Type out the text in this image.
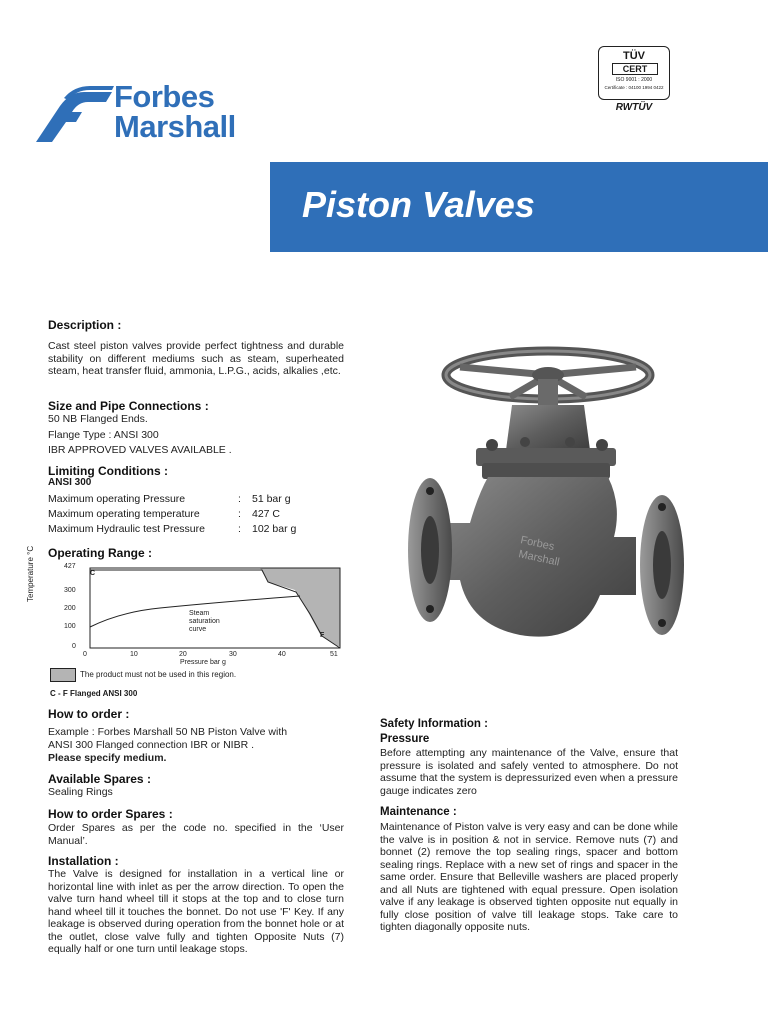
Forbes
Marshall
TÜV
CERT
ISO 9001 : 2000
Certificate : 04100 1994 0422
RWTÜV
Piston Valves
Description :
Cast steel piston valves provide perfect tightness and durable stability on different mediums such as steam, superheated steam, heat transfer fluid, ammonia, L.P.G., acids, alkalies ,etc.
Size and Pipe Connections :
50 NB Flanged Ends.
Flange Type : ANSI 300
IBR APPROVED VALVES AVAILABLE .
Limiting Conditions :
ANSI 300
Maximum operating Pressure	:	51 bar g
Maximum operating temperature	:	427 C
Maximum Hydraulic test Pressure	:	102 bar g
Operating Range :
Temperature °C	427
300
200
100
0
0	10	20	30	40	51
Pressure bar g
Steam saturation curve
C
F
The product must not be used in this region.
C - F Flanged ANSI 300
How to order :
Example : Forbes Marshall 50 NB Piston Valve with
ANSI 300 Flanged connection IBR or NIBR .
Please specify medium.
Available Spares :
Sealing Rings
How to order Spares :
Order Spares as per the code no. specified in the ‘User Manual’.
Installation :
The Valve is designed for installation in a vertical line or horizontal line with inlet as per the arrow direction. To open the valve turn hand wheel till it stops at the top and to close turn hand wheel till it touches the bonnet. Do not use 'F' Key. If any leakage is observed during operation from the bonnet hole or at the outlet, close valve fully and tighten Opposite Nuts (7) equally half or one turn until leakage stops.
Forbes
Marshall
Safety Information :
Pressure
Before attempting any maintenance of the Valve, ensure that pressure is isolated and safely vented to atmosphere. Do not assume that the system is depressurized even when a pressure gauge indicates zero
Maintenance :
Maintenance of Piston valve is very easy and can be done while the valve is in position & not in service. Remove nuts (7) and bonnet (2) remove the top sealing rings, spacer and bottom sealing rings. Replace with a new set of rings and spacer in the same order. Ensure that Belleville washers are placed properly and all Nuts are tightened with equal pressure. Open isolation valve if any leakage is observed tighten opposite nut equally in fully close position of valve till leakage stops. Take care to tighten diagonally opposite nuts.
